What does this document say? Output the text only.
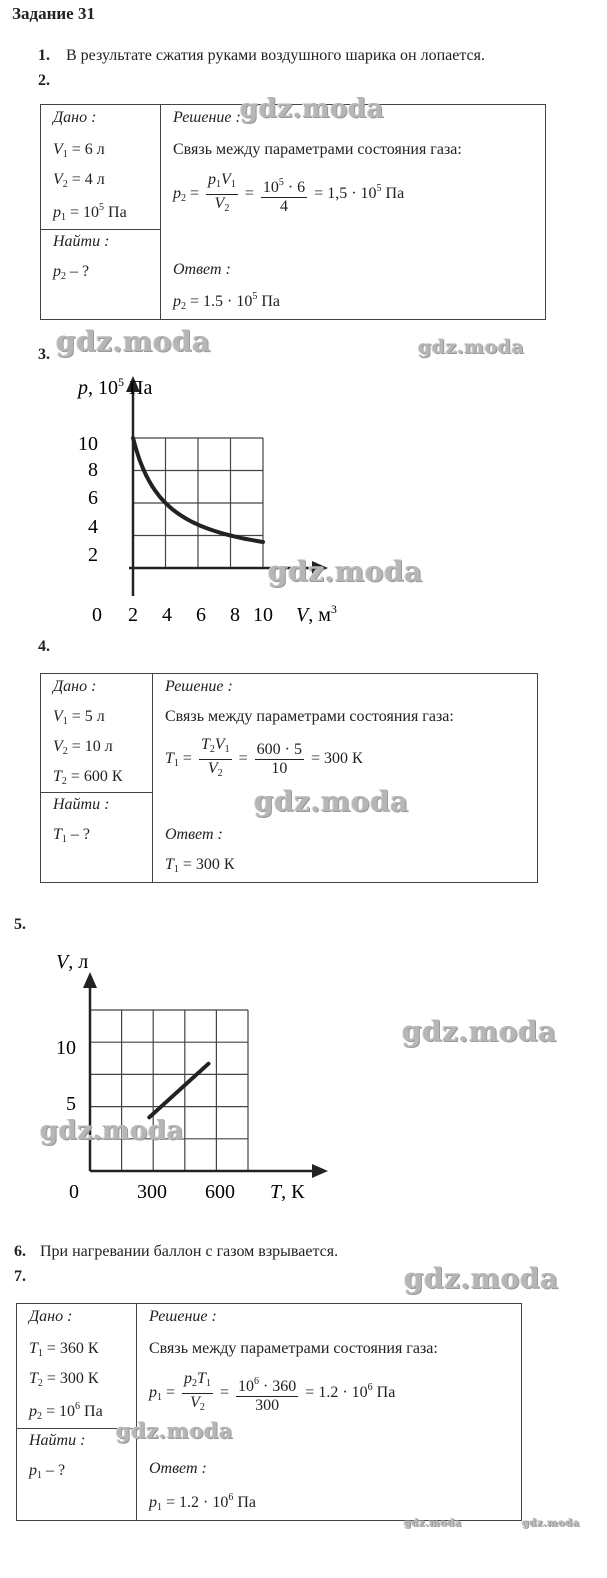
Задание 31
1. В результате сжатия руками воздушного шарика он лопается.
2.
Дано :
$V_1 = 6$ л
$V_2 = 4$ л
$p_1 = 10^5$ Па
Найти :
$p_2$ – ?
Решение :
Связь между параметрами состояния газа:
$p_2 = \frac{p_1V_1}{V_2} = \frac{10^5 \cdot 6}{4} = 1,5 \cdot 10^5$ Па
Ответ :
$p_2 = 1.5 \cdot 10^5$ Па
3.
0 2 4 6 8 10
2
4
6
8
10
p, $10^5$ Па
V, $м^3$
4.
Дано :
$V_1 = 5$ л
$V_2 = 10$ л
$T_2 = 600$ К
Найти :
$T_1$ – ?
Решение :
Связь между параметрами состояния газа:
$T_1 = \frac{T_2V_1}{V_2} = \frac{600 \cdot 5}{10} = 300$ К
Ответ :
$T_1 = 300$ К
5.
0	300 600
5
10
V, л
T, К
6. При нагревании баллон с газом взрывается.
7.
Дано :
$T_1 = 360$ К
$T_2 = 300$ К
$p_2 = 10^6$ Па
Найти :
$p_1$ – ?
Решение :
Связь между параметрами состояния газа:
$p_1 = \frac{p_2T_1}{V_2} = \frac{10^6 \cdot 360}{300} = 1.2 \cdot 10^6$ Па
Ответ :
$p_1 = 1.2 \cdot 10^6$ Па
gdz.moda
gdz.moda	gdz.moda
gdz.moda
gdz.moda
gdz.moda
gdz.moda
gdz.moda
gdz.moda
gdz.moda	gdz.moda
